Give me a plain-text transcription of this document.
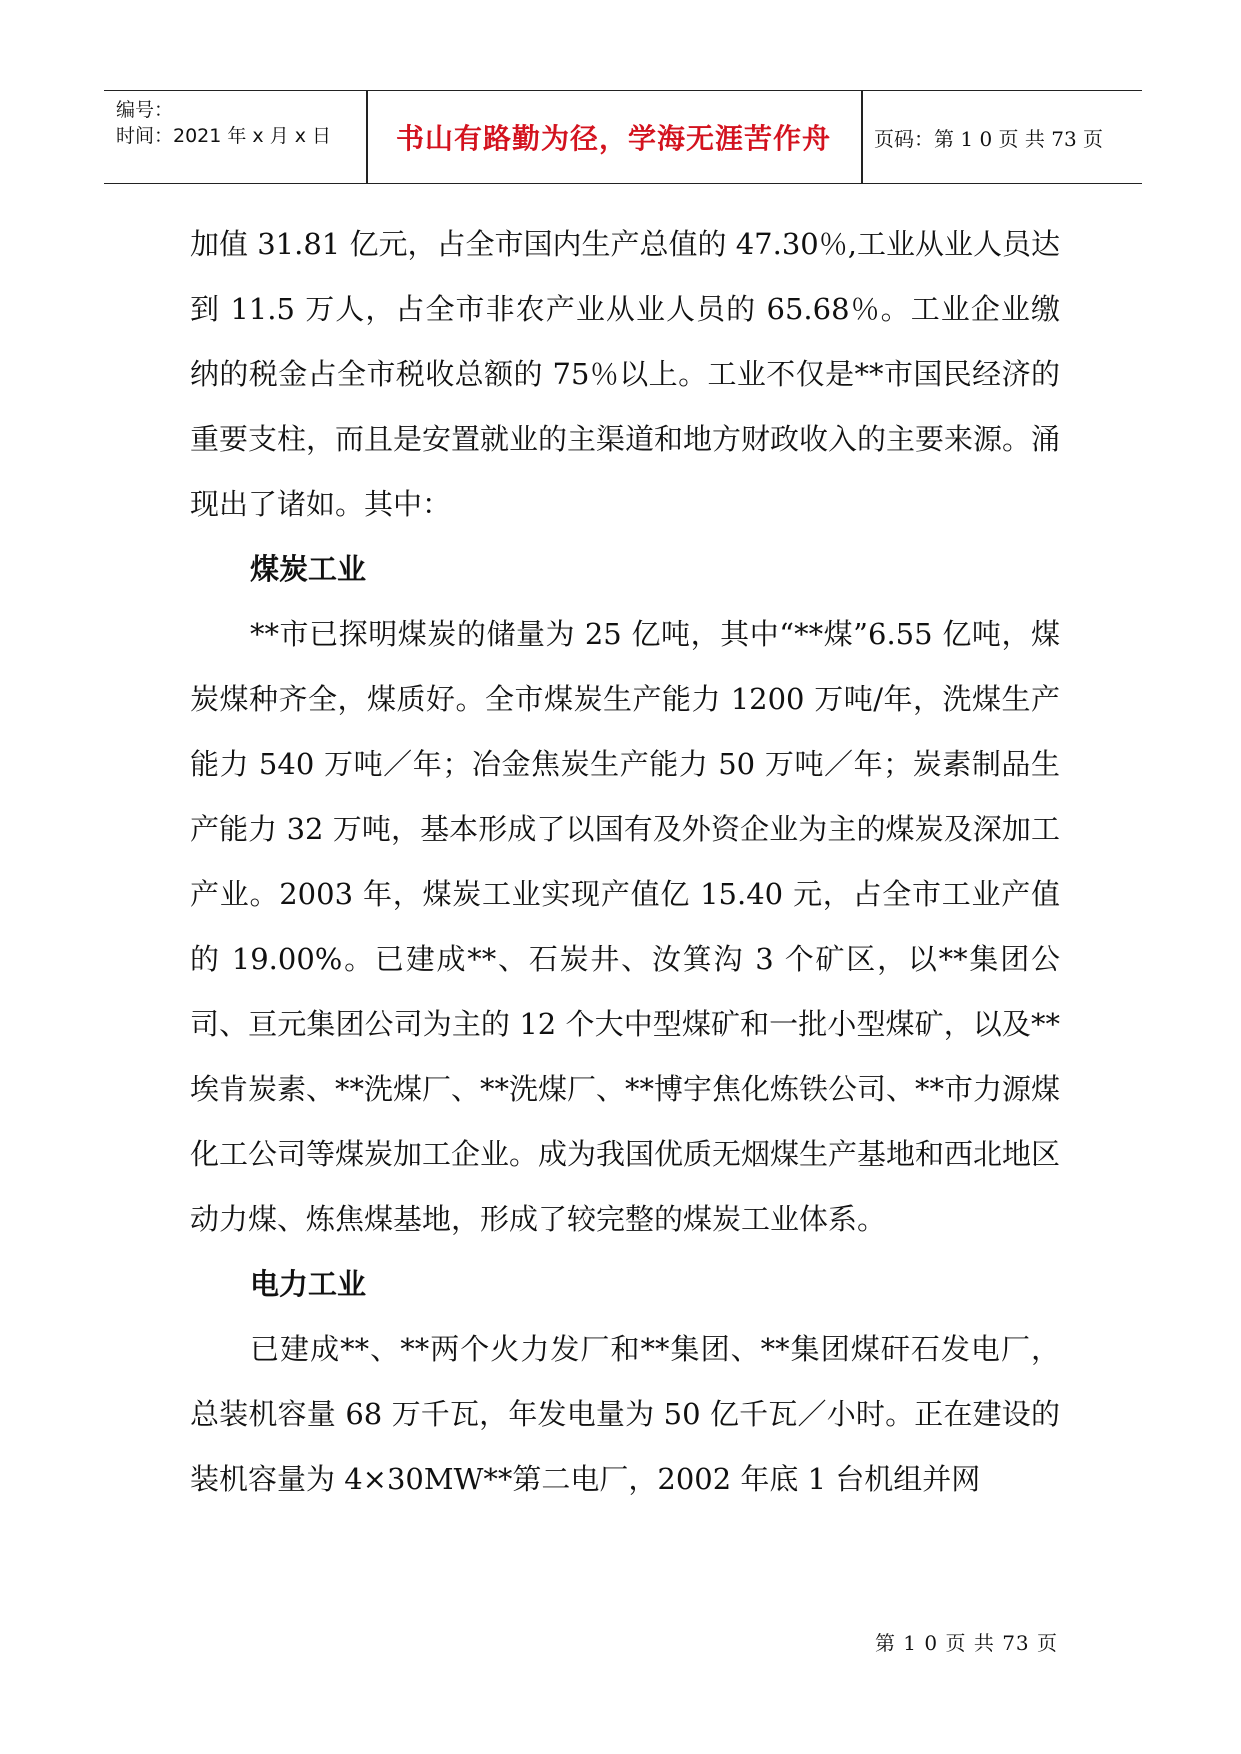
编号：
时间：2021 年 x 月 x 日	书山有路勤为径，学海无涯苦作舟	页码：第 1 0 页 共 73 页

加值 31.81 亿元，占全市国内生产总值的 47.30％,工业从业人员达到 11.5 万人，占全市非农产业从业人员的 65.68％。工业企业缴纳的税金占全市税收总额的 75％以上。工业不仅是**市国民经济的重要支柱，而且是安置就业的主渠道和地方财政收入的主要来源。涌现出了诸如。其中：

煤炭工业

**市已探明煤炭的储量为 25 亿吨，其中“**煤”6.55 亿吨，煤炭煤种齐全，煤质好。全市煤炭生产能力 1200 万吨/年，洗煤生产能力 540 万吨／年；冶金焦炭生产能力 50 万吨／年；炭素制品生产能力 32 万吨，基本形成了以国有及外资企业为主的煤炭及深加工产业。2003 年，煤炭工业实现产值亿 15.40 元，占全市工业产值的 19.00%。已建成**、石炭井、汝箕沟 3 个矿区，以**集团公司、亘元集团公司为主的 12 个大中型煤矿和一批小型煤矿，以及**埃肯炭素、**洗煤厂、**洗煤厂、**博宇焦化炼铁公司、**市力源煤化工公司等煤炭加工企业。成为我国优质无烟煤生产基地和西北地区动力煤、炼焦煤基地，形成了较完整的煤炭工业体系。

电力工业

已建成**、**两个火力发厂和**集团、**集团煤矸石发电厂，总装机容量 68 万千瓦，年发电量为 50 亿千瓦／小时。正在建设的装机容量为 4×30MW**第二电厂，2002 年底 1 台机组并网

第 1 0 页 共 73 页
